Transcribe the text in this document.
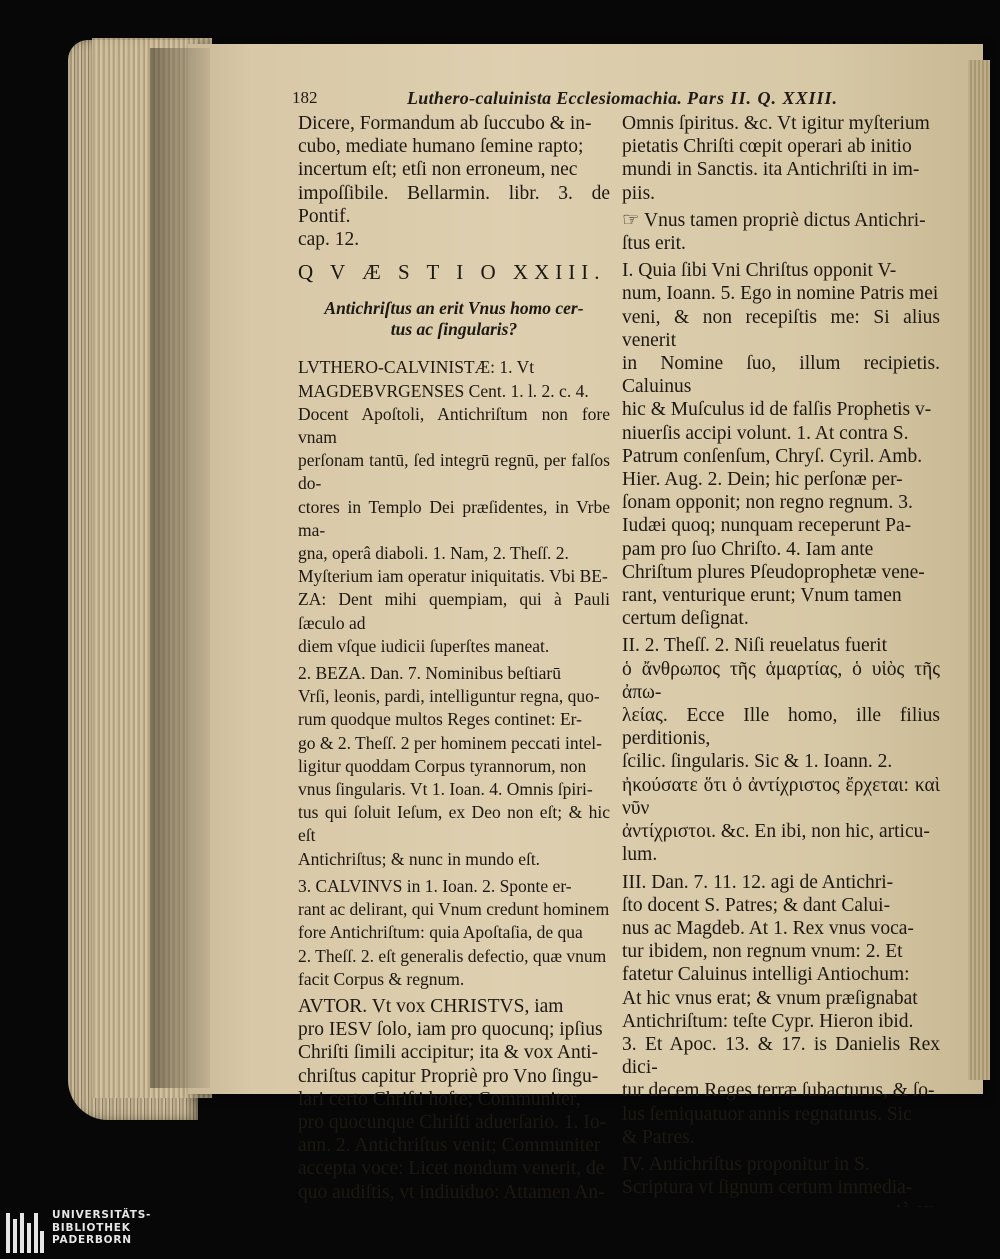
182	Luthero-caluinista Ecclesiomachia. Pars II. Q. XXIII.

Dicere, Formandum ab ſuccubo & in-
cubo, mediate humano ſemine rapto;
incertum eſt; etſi non erroneum, nec
impoſſibile. Bellarmin. libr. 3. de Pontif.
cap. 12.

Q V Æ S T I O XXIII.

Antichriſtus an erit Vnus homo cer-
tus ac ſingularis?

LVTHERO-CALVINISTÆ: 1. Vt
MAGDEBVRGENSES Cent. 1. l. 2. c. 4.
Docent Apoſtoli, Antichriſtum non fore vnam
perſonam tantū, ſed integrū regnū, per falſos do-
ctores in Templo Dei præſidentes, in Vrbe ma-
gna, operâ diaboli. 1. Nam, 2. Theſſ. 2.
Myſterium iam operatur iniquitatis. Vbi BE-
ZA: Dent mihi quempiam, qui à Pauli ſæculo ad
diem vſque iudicii ſuperſtes maneat.

2. BEZA. Dan. 7. Nominibus beſtiarū
Vrſi, leonis, pardi, intelliguntur regna, quo-
rum quodque multos Reges continet: Er-
go & 2. Theſſ. 2 per hominem peccati intel-
ligitur quoddam Corpus tyrannorum, non
vnus ſingularis. Vt 1. Ioan. 4. Omnis ſpiri-
tus qui ſoluit Ieſum, ex Deo non eſt; & hic eſt
Antichriſtus; & nunc in mundo eſt.

3. CALVINVS in 1. Ioan. 2. Sponte er-
rant ac delirant, qui Vnum credunt hominem
fore Antichriſtum: quia Apoſtaſia, de qua
2. Theſſ. 2. eſt generalis defectio, quæ vnum
facit Corpus & regnum.

AVTOR. Vt vox CHRISTVS, iam
pro IESV ſolo, iam pro quocunq; ipſius
Chriſti ſimili accipitur; ita & vox Anti-
chriſtus capitur Propriè pro Vno ſingu-
lari certo Chriſti hoſte; Communiter,
pro quocunque Chriſti aduerſario. 1. Io-
ann. 2. Antichriſtus venit; Communiter
accepta voce: Licet nondum venerit, de
quo audiſtis, vt indiuiduo: Attamen An-

Omnis ſpiritus. &c. Vt igitur myſterium
pietatis Chriſti cœpit operari ab initio
mundi in Sanctis. ita Antichriſti in im-
piis.

☞ Vnus tamen propriè dictus Antichri-
ſtus erit.

I. Quia ſibi Vni Chriſtus opponit V-
num, Ioann. 5. Ego in nomine Patris mei
veni, & non recepiſtis me: Si alius venerit
in Nomine ſuo, illum recipietis. Caluinus
hic & Muſculus id de falſis Prophetis v-
niuerſis accipi volunt. 1. At contra S.
Patrum conſenſum, Chryſ. Cyril. Amb.
Hier. Aug. 2. Dein; hic perſonæ per-
ſonam opponit; non regno regnum. 3.
Iudæi quoq; nunquam receperunt Pa-
pam pro ſuo Chriſto. 4. Iam ante
Chriſtum plures Pſeudoprophetæ vene-
rant, venturique erunt; Vnum tamen
certum deſignat.

II. 2. Theſſ. 2. Niſi reuelatus fuerit
ὁ ἄνθρωπος τῆς ἁμαρτίας, ὁ υἱὸς τῆς ἀπω-
λείας. Ecce Ille homo, ille filius perditionis,
ſcilic. ſingularis. Sic & 1. Ioann. 2.
ἠκούσατε ὅτι ὁ ἀντίχριστος ἔρχεται: καὶ νῦν
ἀντίχριστοι. &c. En ibi, non hic, articu-
lum.

III. Dan. 7. 11. 12. agi de Antichri-
ſto docent S. Patres; & dant Calui-
nus ac Magdeb. At 1. Rex vnus voca-
tur ibidem, non regnum vnum: 2. Et
fatetur Caluinus intelligi Antiochum:
At hic vnus erat; & vnum præſignabat
Antichriſtum: teſte Cypr. Hieron ibid.
3. Et Apoc. 13. & 17. is Danielis Rex dici-
tur decem Reges terræ ſubacturus, & ſo-
lus ſemiquatuor annis regnaturus. Sic
& Patres.

IV. Antichriſtus proponitur in S.
Scriptura vt ſignum certum immedia-

UNIVERSITÄTS-
BIBLIOTHEK
PADERBORN
